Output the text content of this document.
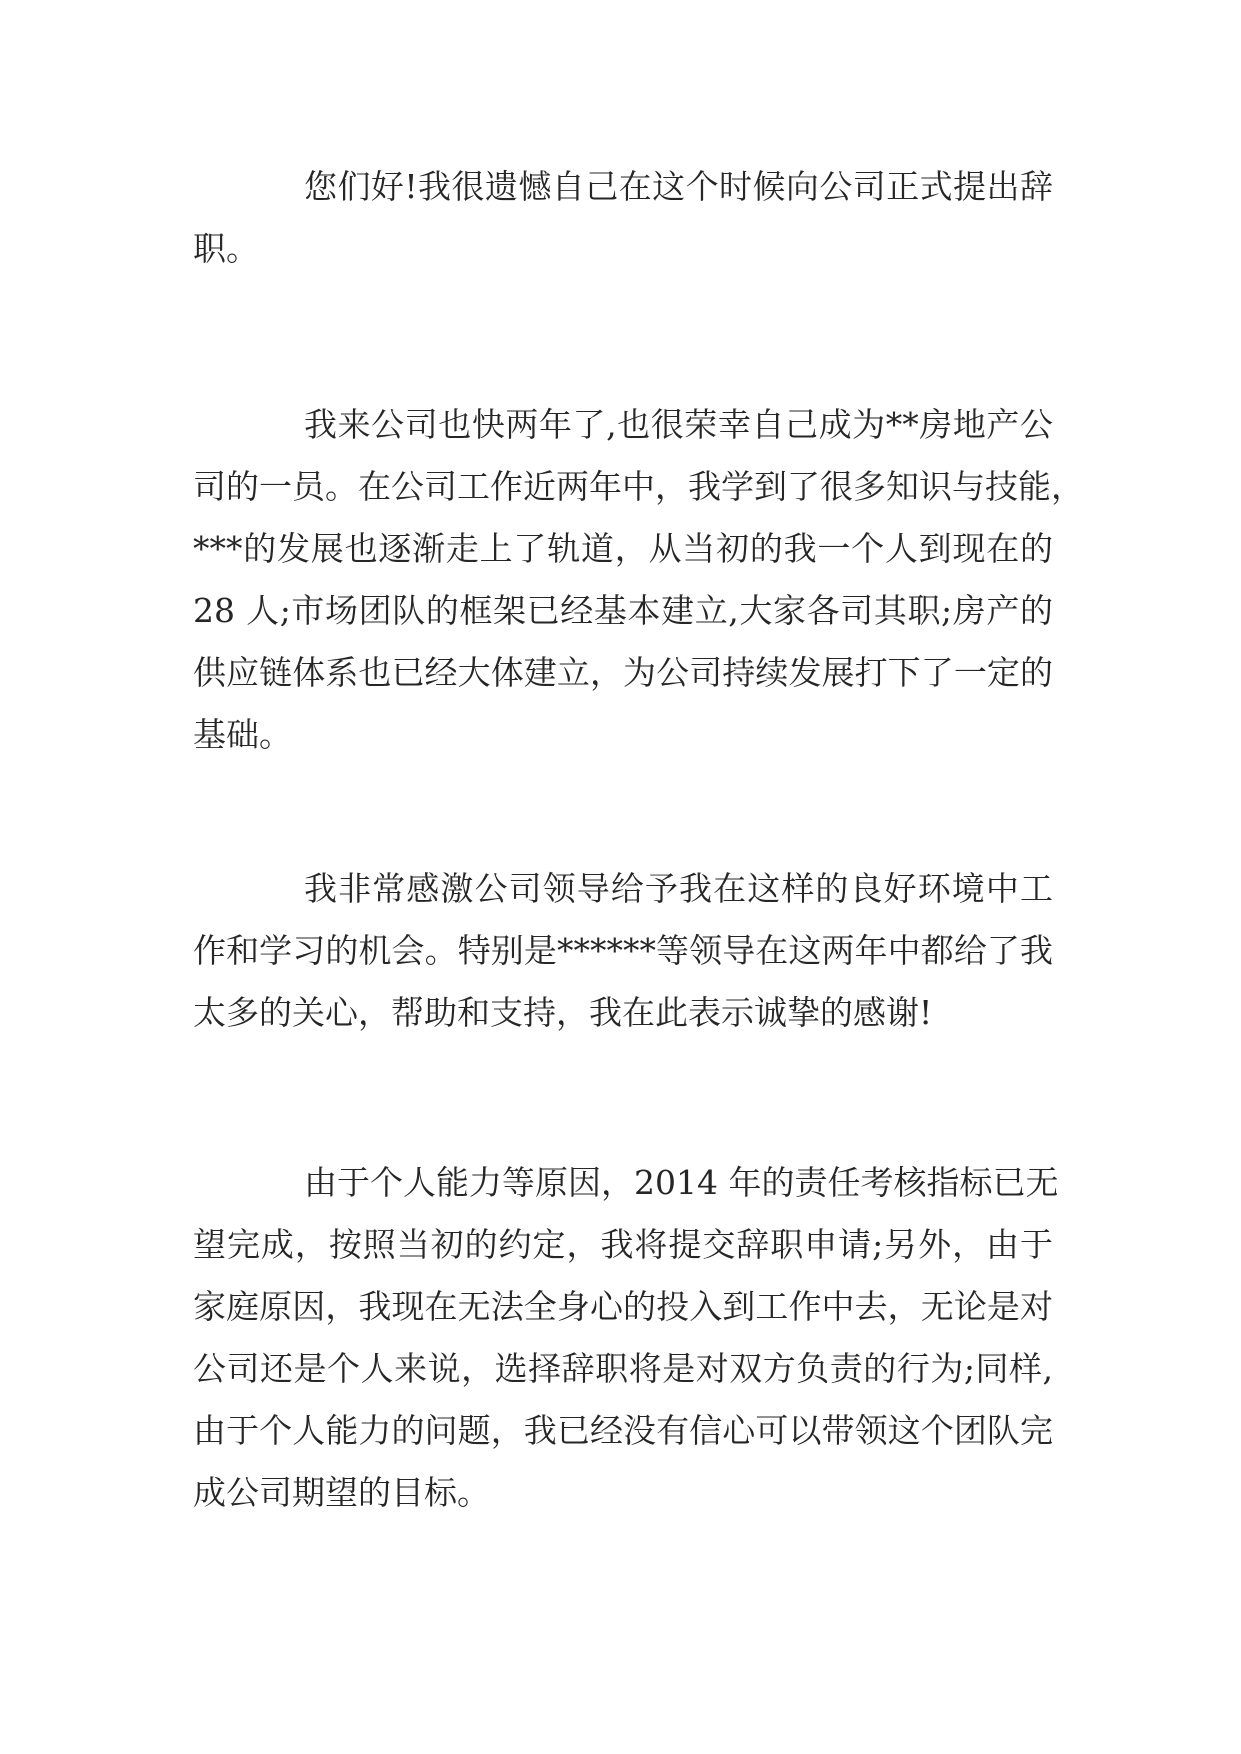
您们好!我很遗憾自己在这个时候向公司正式提出辞
职。
我来公司也快两年了,也很荣幸自己成为**房地产公
司的一员。在公司工作近两年中，我学到了很多知识与技能，
***的发展也逐渐走上了轨道，从当初的我一个人到现在的
28 人;市场团队的框架已经基本建立,大家各司其职;房产的
供应链体系也已经大体建立，为公司持续发展打下了一定的
基础。
我非常感激公司领导给予我在这样的良好环境中工
作和学习的机会。特别是******等领导在这两年中都给了我
太多的关心，帮助和支持，我在此表示诚挚的感谢!
由于个人能力等原因，2014 年的责任考核指标已无
望完成，按照当初的约定，我将提交辞职申请;另外，由于
家庭原因，我现在无法全身心的投入到工作中去，无论是对
公司还是个人来说，选择辞职将是对双方负责的行为;同样,
由于个人能力的问题，我已经没有信心可以带领这个团队完
成公司期望的目标。
